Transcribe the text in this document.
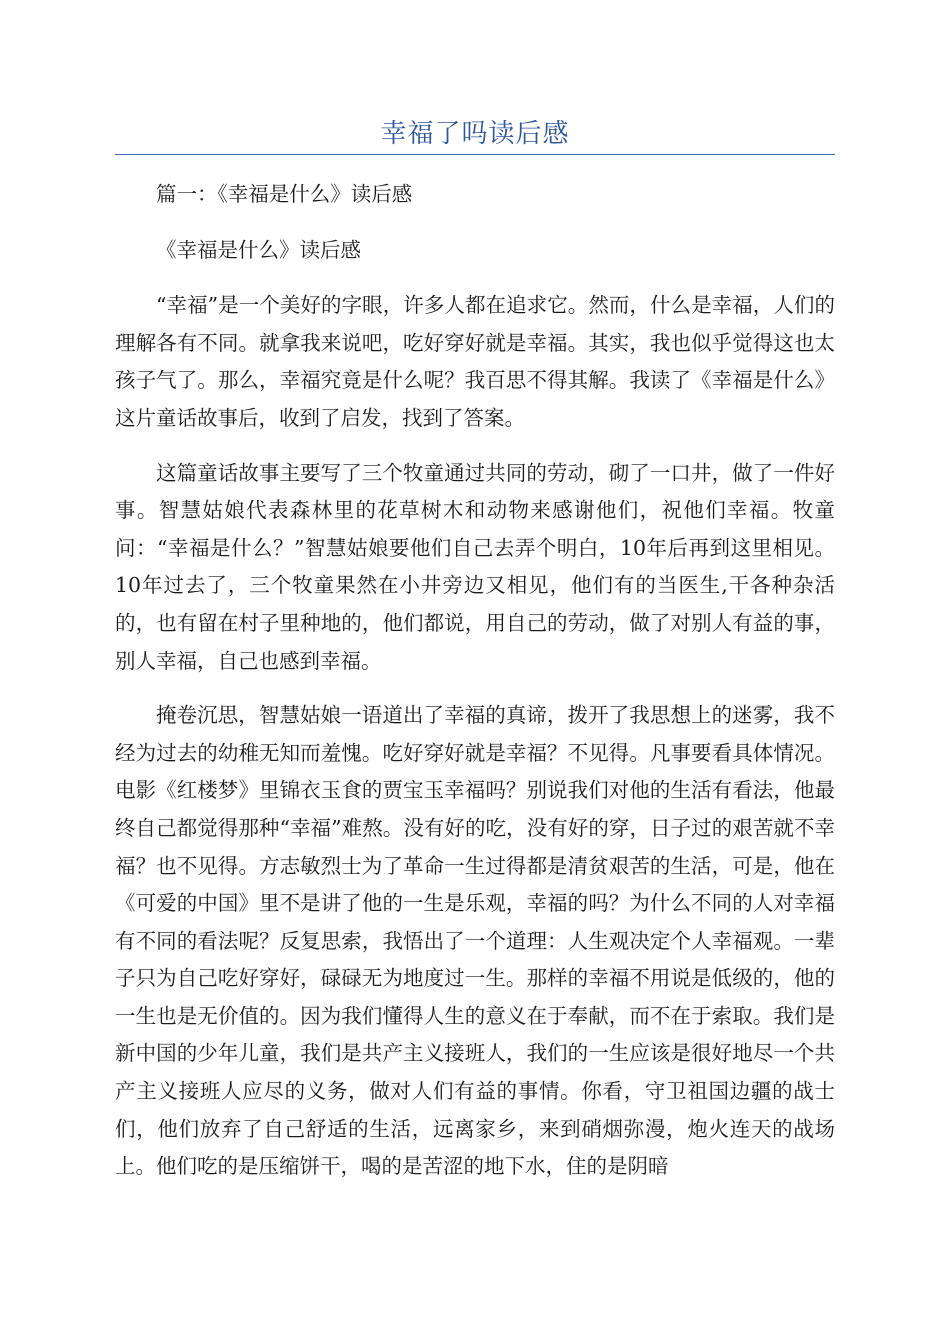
幸福了吗读后感

篇一：《幸福是什么》读后感

《幸福是什么》读后感

“幸福”是一个美好的字眼，许多人都在追求它。然而，什么是幸福，人们的理解各有不同。就拿我来说吧，吃好穿好就是幸福。其实，我也似乎觉得这也太孩子气了。那么，幸福究竟是什么呢？我百思不得其解。我读了《幸福是什么》这片童话故事后，收到了启发，找到了答案。

这篇童话故事主要写了三个牧童通过共同的劳动，砌了一口井，做了一件好事。智慧姑娘代表森林里的花草树木和动物来感谢他们，祝他们幸福。牧童问：“幸福是什么？”智慧姑娘要他们自己去弄个明白，10年后再到这里相见。10年过去了，三个牧童果然在小井旁边又相见，他们有的当医生,干各种杂活的，也有留在村子里种地的，他们都说，用自己的劳动，做了对别人有益的事，别人幸福，自己也感到幸福。

掩卷沉思，智慧姑娘一语道出了幸福的真谛，拨开了我思想上的迷雾，我不经为过去的幼稚无知而羞愧。吃好穿好就是幸福？不见得。凡事要看具体情况。电影《红楼梦》里锦衣玉食的贾宝玉幸福吗？别说我们对他的生活有看法，他最终自己都觉得那种“幸福”难熬。没有好的吃，没有好的穿，日子过的艰苦就不幸福？也不见得。方志敏烈士为了革命一生过得都是清贫艰苦的生活，可是，他在《可爱的中国》里不是讲了他的一生是乐观，幸福的吗？为什么不同的人对幸福有不同的看法呢？反复思索，我悟出了一个道理：人生观决定个人幸福观。一辈子只为自己吃好穿好，碌碌无为地度过一生。那样的幸福不用说是低级的，他的一生也是无价值的。因为我们懂得人生的意义在于奉献，而不在于索取。我们是新中国的少年儿童，我们是共产主义接班人，我们的一生应该是很好地尽一个共产主义接班人应尽的义务，做对人们有益的事情。你看，守卫祖国边疆的战士们，他们放弃了自己舒适的生活，远离家乡，来到硝烟弥漫，炮火连天的战场上。他们吃的是压缩饼干，喝的是苦涩的地下水，住的是阴暗
